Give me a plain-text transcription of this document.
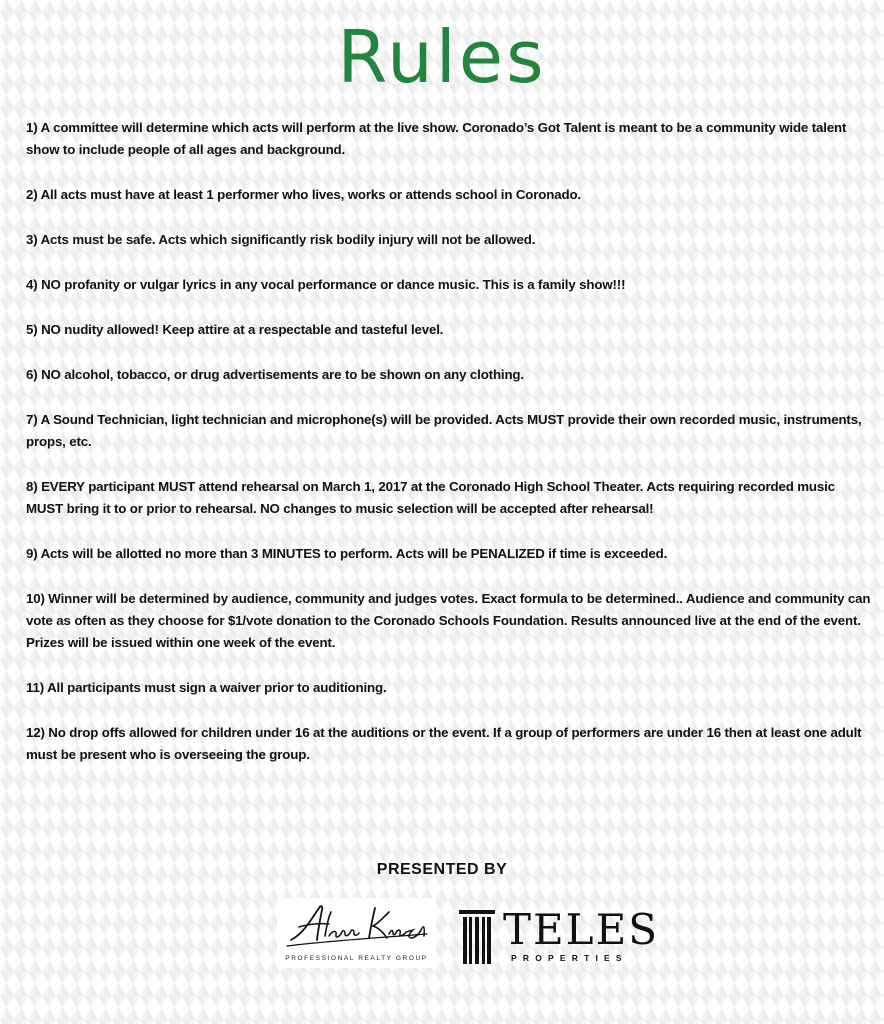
Rules
1) A committee will determine which acts will perform at the live show. Coronado’s Got Talent is meant to be a community wide talent show to include people of all ages and background.
2) All acts must have at least 1 performer who lives, works or attends school in Coronado.
3) Acts must be safe. Acts which significantly risk bodily injury will not be allowed.
4) NO profanity or vulgar lyrics in any vocal performance or dance music. This is a family show!!!
5) NO nudity allowed! Keep attire at a respectable and tasteful level.
6) NO alcohol, tobacco, or drug advertisements are to be shown on any clothing.
7) A Sound Technician, light technician and microphone(s) will be provided. Acts MUST provide their own recorded music, instruments, props, etc.
8) EVERY participant MUST attend rehearsal on March 1, 2017 at the Coronado High School Theater. Acts requiring recorded music MUST bring it to or prior to rehearsal. NO changes to music selection will be accepted after rehearsal!
9) Acts will be allotted no more than 3 MINUTES to perform. Acts will be PENALIZED if time is exceeded.
10) Winner will be determined by audience, community and judges votes. Exact formula to be determined.. Audience and community can vote as often as they choose for $1/vote donation to the Coronado Schools Foundation. Results announced live at the end of the event. Prizes will be issued within one week of the event.
11) All participants must sign a waiver prior to auditioning.
12) No drop offs allowed for children under 16 at the auditions or the event. If a group of performers are under 16 then at least one adult must be present who is overseeing the group.
PRESENTED BY
PROFESSIONAL REALTY GROUP
TELES
PROPERTIES
